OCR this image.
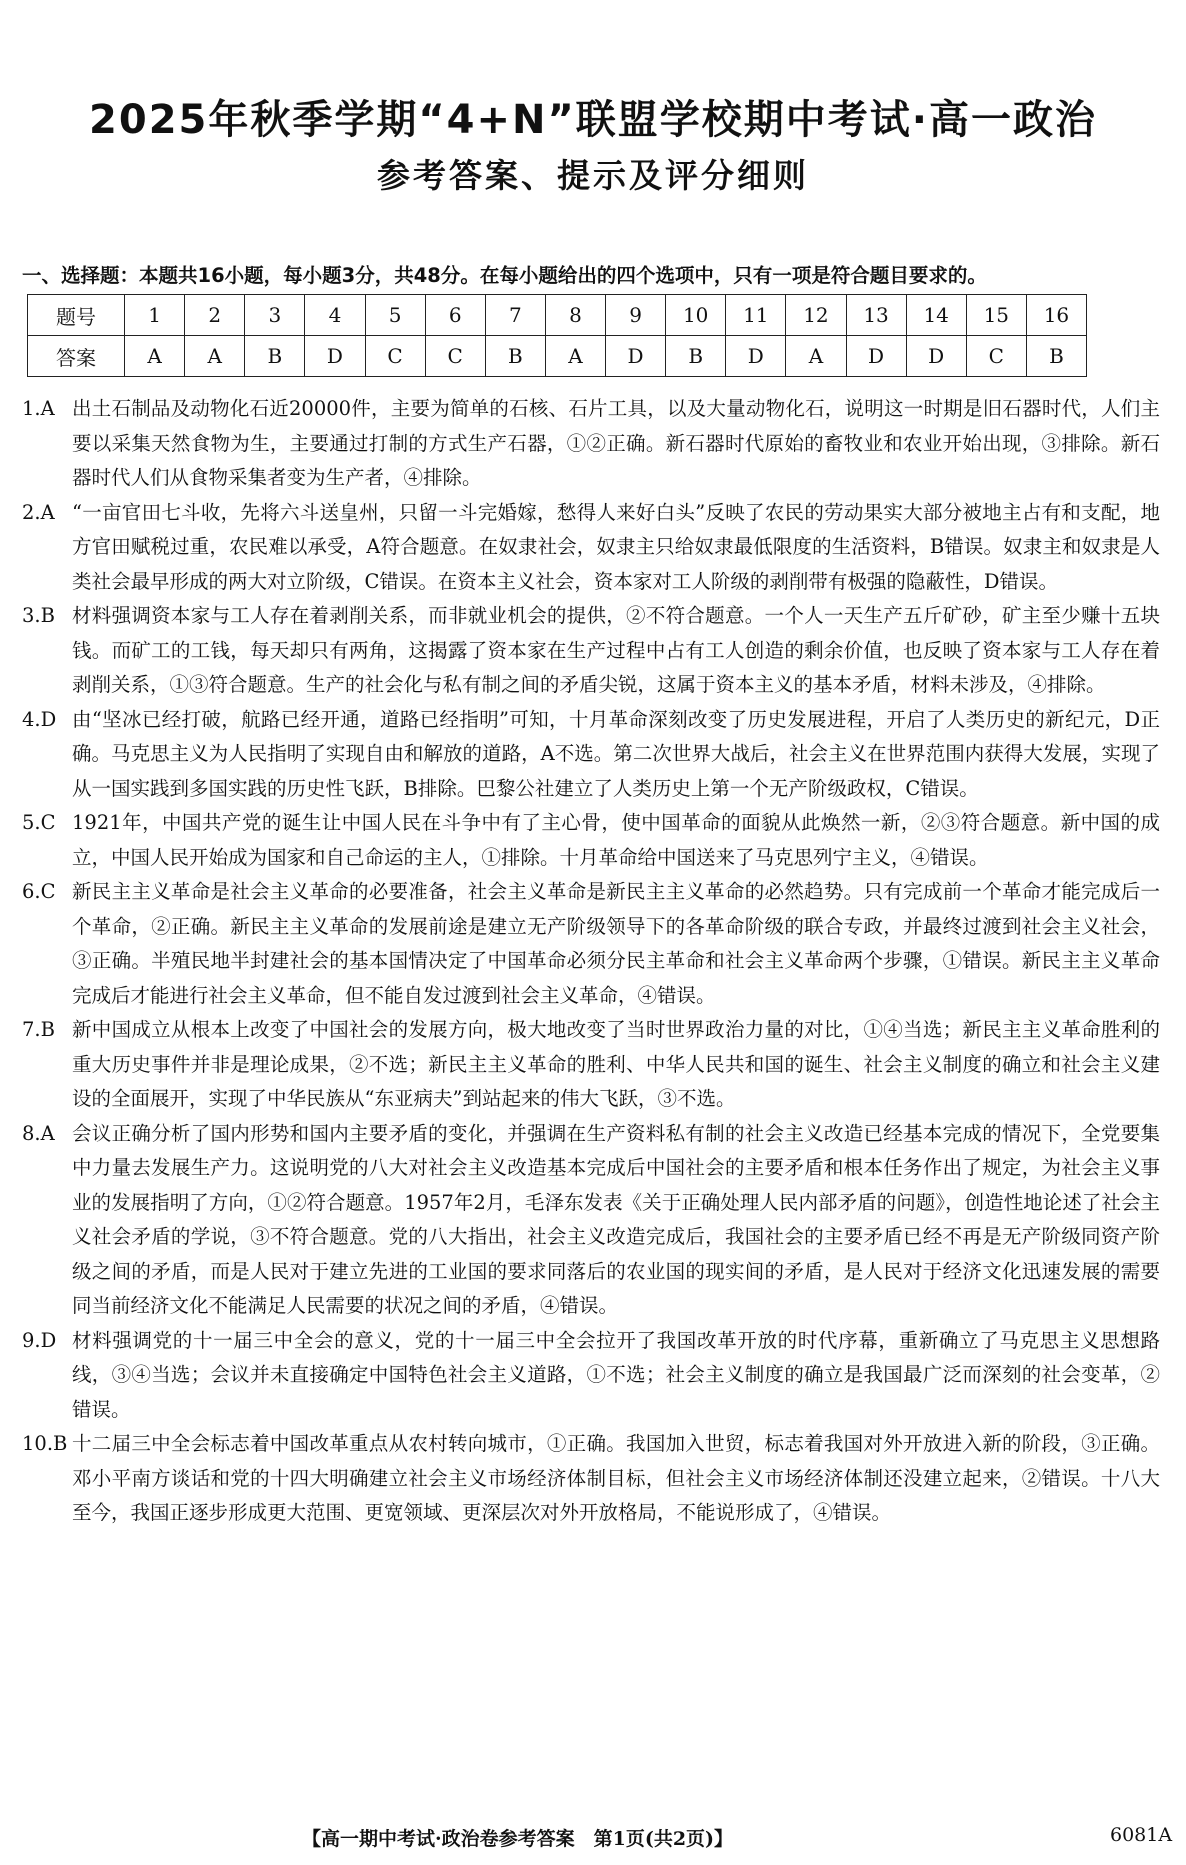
2025年秋季学期“4+N”联盟学校期中考试·高一政治
参考答案、提示及评分细则
一、选择题：本题共16小题，每小题3分，共48分。在每小题给出的四个选项中，只有一项是符合题目要求的。
题号	1	2	3	4	5	6	7	8	9	10	11	12	13	14	15	16
答案	A	A	B	D	C	C	B	A	D	B	D	A	D	D	C	B
1.A 出土石制品及动物化石近20000件，主要为简单的石核、石片工具，以及大量动物化石，说明这一时期是旧石器时代，人们主要以采集天然食物为生，主要通过打制的方式生产石器，①②正确。新石器时代原始的畜牧业和农业开始出现，③排除。新石器时代人们从食物采集者变为生产者，④排除。
2.A “一亩官田七斗收，先将六斗送皇州，只留一斗完婚嫁，愁得人来好白头”反映了农民的劳动果实大部分被地主占有和支配，地方官田赋税过重，农民难以承受，A符合题意。在奴隶社会，奴隶主只给奴隶最低限度的生活资料，B错误。奴隶主和奴隶是人类社会最早形成的两大对立阶级，C错误。在资本主义社会，资本家对工人阶级的剥削带有极强的隐蔽性，D错误。
3.B 材料强调资本家与工人存在着剥削关系，而非就业机会的提供，②不符合题意。一个人一天生产五斤矿砂，矿主至少赚十五块钱。而矿工的工钱，每天却只有两角，这揭露了资本家在生产过程中占有工人创造的剩余价值，也反映了资本家与工人存在着剥削关系，①③符合题意。生产的社会化与私有制之间的矛盾尖锐，这属于资本主义的基本矛盾，材料未涉及，④排除。
4.D 由“坚冰已经打破，航路已经开通，道路已经指明”可知，十月革命深刻改变了历史发展进程，开启了人类历史的新纪元，D正确。马克思主义为人民指明了实现自由和解放的道路，A不选。第二次世界大战后，社会主义在世界范围内获得大发展，实现了从一国实践到多国实践的历史性飞跃，B排除。巴黎公社建立了人类历史上第一个无产阶级政权，C错误。
5.C 1921年，中国共产党的诞生让中国人民在斗争中有了主心骨，使中国革命的面貌从此焕然一新，②③符合题意。新中国的成立，中国人民开始成为国家和自己命运的主人，①排除。十月革命给中国送来了马克思列宁主义，④错误。
6.C 新民主主义革命是社会主义革命的必要准备，社会主义革命是新民主主义革命的必然趋势。只有完成前一个革命才能完成后一个革命，②正确。新民主主义革命的发展前途是建立无产阶级领导下的各革命阶级的联合专政，并最终过渡到社会主义社会，③正确。半殖民地半封建社会的基本国情决定了中国革命必须分民主革命和社会主义革命两个步骤，①错误。新民主主义革命完成后才能进行社会主义革命，但不能自发过渡到社会主义革命，④错误。
7.B 新中国成立从根本上改变了中国社会的发展方向，极大地改变了当时世界政治力量的对比，①④当选；新民主主义革命胜利的重大历史事件并非是理论成果，②不选；新民主主义革命的胜利、中华人民共和国的诞生、社会主义制度的确立和社会主义建设的全面展开，实现了中华民族从“东亚病夫”到站起来的伟大飞跃，③不选。
8.A 会议正确分析了国内形势和国内主要矛盾的变化，并强调在生产资料私有制的社会主义改造已经基本完成的情况下，全党要集中力量去发展生产力。这说明党的八大对社会主义改造基本完成后中国社会的主要矛盾和根本任务作出了规定，为社会主义事业的发展指明了方向，①②符合题意。1957年2月，毛泽东发表《关于正确处理人民内部矛盾的问题》，创造性地论述了社会主义社会矛盾的学说，③不符合题意。党的八大指出，社会主义改造完成后，我国社会的主要矛盾已经不再是无产阶级同资产阶级之间的矛盾，而是人民对于建立先进的工业国的要求同落后的农业国的现实间的矛盾，是人民对于经济文化迅速发展的需要同当前经济文化不能满足人民需要的状况之间的矛盾，④错误。
9.D 材料强调党的十一届三中全会的意义，党的十一届三中全会拉开了我国改革开放的时代序幕，重新确立了马克思主义思想路线，③④当选；会议并未直接确定中国特色社会主义道路，①不选；社会主义制度的确立是我国最广泛而深刻的社会变革，②错误。
10.B 十二届三中全会标志着中国改革重点从农村转向城市，①正确。我国加入世贸，标志着我国对外开放进入新的阶段，③正确。邓小平南方谈话和党的十四大明确建立社会主义市场经济体制目标，但社会主义市场经济体制还没建立起来，②错误。十八大至今，我国正逐步形成更大范围、更宽领域、更深层次对外开放格局，不能说形成了，④错误。
【高一期中考试·政治卷参考答案　第1页(共2页)】	6081A
